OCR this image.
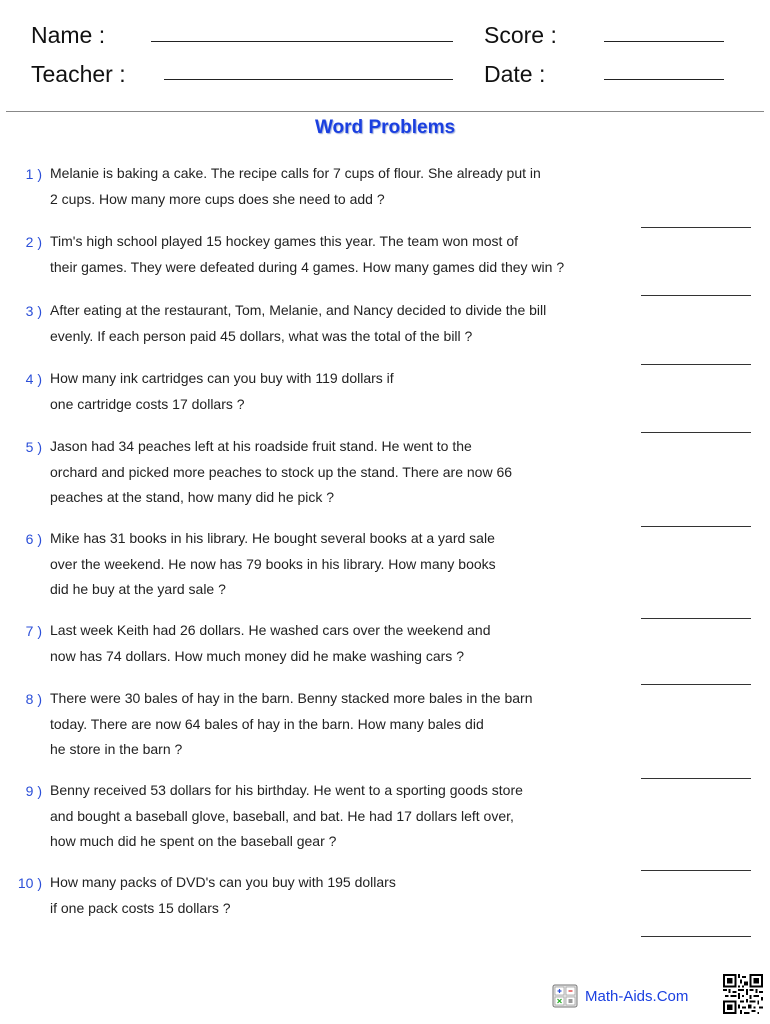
Name :
Teacher :
Score :
Date :
Word Problems
1 ) Melanie is baking a cake. The recipe calls for 7 cups of flour. She already put in
2 cups. How many more cups does she need to add ?
2 ) Tim's high school played 15 hockey games this year. The team won most of
their games. They were defeated during 4 games. How many games did they win ?
3 ) After eating at the restaurant, Tom, Melanie, and Nancy decided to divide the bill
evenly. If each person paid 45 dollars, what was the total of the bill ?
4 ) How many ink cartridges can you buy with 119 dollars if
one cartridge costs 17 dollars ?
5 ) Jason had 34 peaches left at his roadside fruit stand. He went to the
orchard and picked more peaches to stock up the stand. There are now 66
peaches at the stand, how many did he pick ?
6 ) Mike has 31 books in his library. He bought several books at a yard sale
over the weekend. He now has 79 books in his library. How many books
did he buy at the yard sale ?
7 ) Last week Keith had 26 dollars. He washed cars over the weekend and
now has 74 dollars. How much money did he make washing cars ?
8 ) There were 30 bales of hay in the barn. Benny stacked more bales in the barn
today. There are now 64 bales of hay in the barn. How many bales did
he store in the barn ?
9 ) Benny received 53 dollars for his birthday. He went to a sporting goods store
and bought a baseball glove, baseball, and bat. He had 17 dollars left over,
how much did he spent on the baseball gear ?
10 ) How many packs of DVD's can you buy with 195 dollars
if one pack costs 15 dollars ?
Math-Aids.Com
